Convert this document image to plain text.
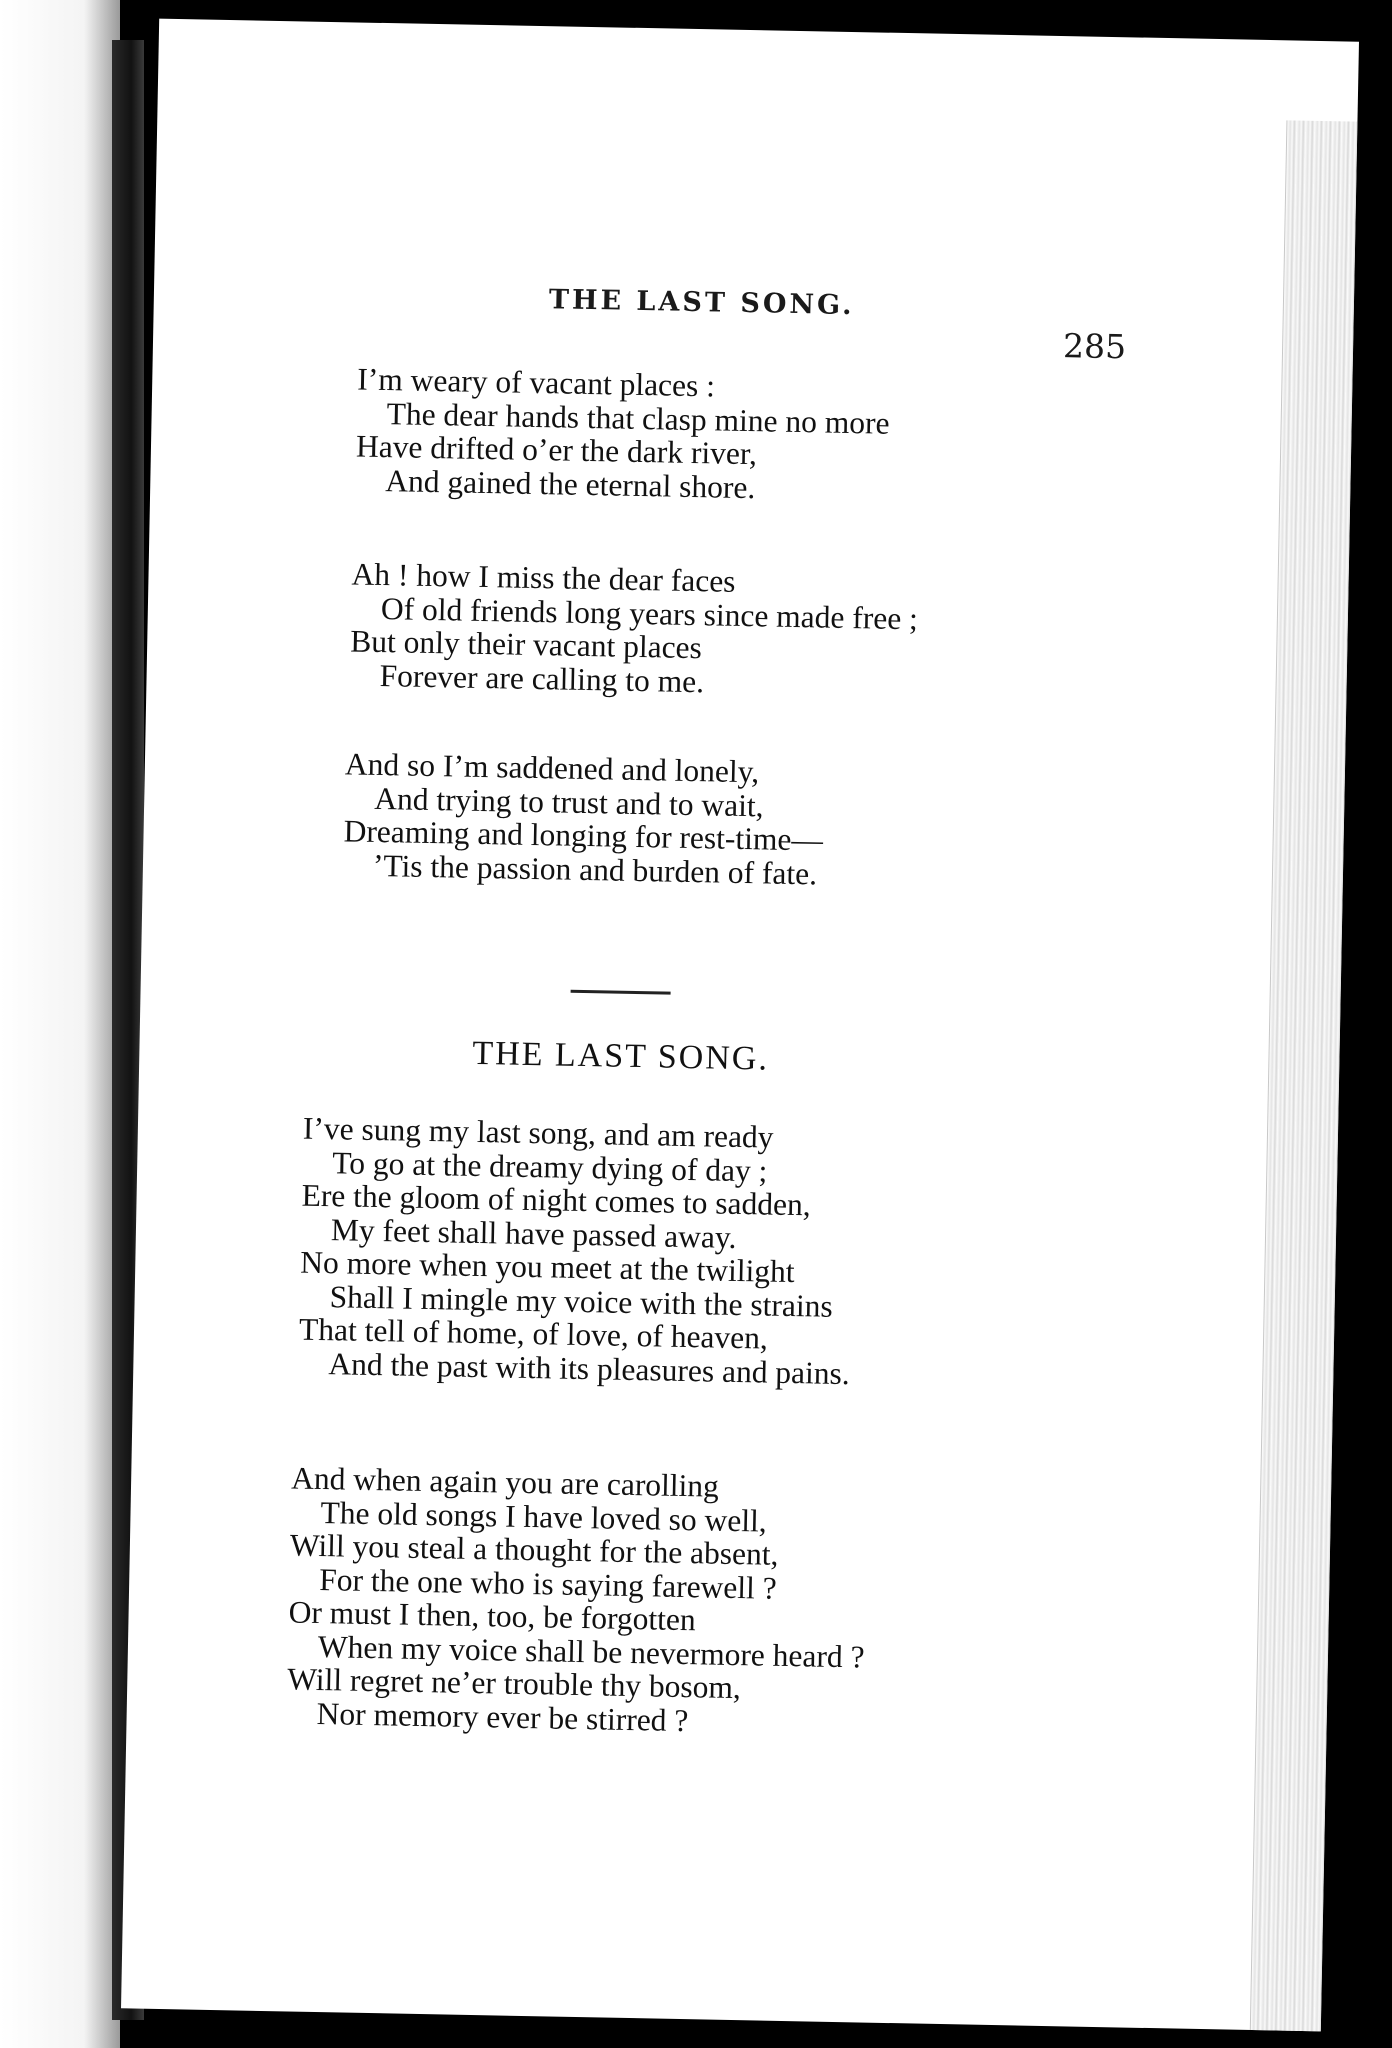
THE LAST SONG.
285
I’m weary of vacant places :
The dear hands that clasp mine no more
Have drifted o’er the dark river,
And gained the eternal shore.
Ah ! how I miss the dear faces
Of old friends long years since made free ;
But only their vacant places
Forever are calling to me.
And so I’m saddened and lonely,
And trying to trust and to wait,
Dreaming and longing for rest-time—
’Tis the passion and burden of fate.
THE LAST SONG.
I’ve sung my last song, and am ready
To go at the dreamy dying of day ;
Ere the gloom of night comes to sadden,
My feet shall have passed away.
No more when you meet at the twilight
Shall I mingle my voice with the strains
That tell of home, of love, of heaven,
And the past with its pleasures and pains.
And when again you are carolling
The old songs I have loved so well,
Will you steal a thought for the absent,
For the one who is saying farewell ?
Or must I then, too, be forgotten
When my voice shall be nevermore heard ?
Will regret ne’er trouble thy bosom,
Nor memory ever be stirred ?
